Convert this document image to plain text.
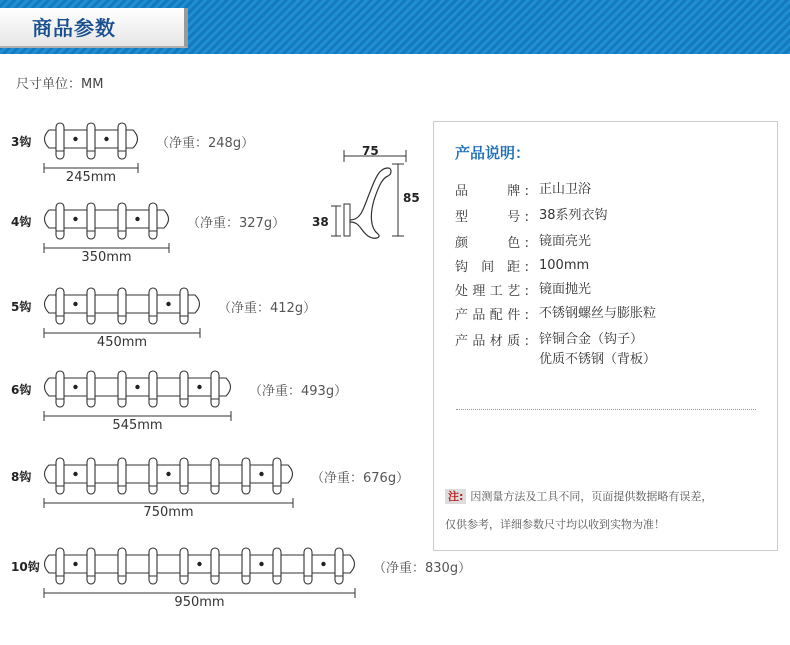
商品参数
尺寸单位：MM
3钩
245mm
（净重：248g）
4钩
350mm
（净重：327g）
5钩
450mm
（净重：412g）
6钩
545mm
（净重：493g）
8钩
750mm
（净重：676g）
10钩
950mm
（净重：830g）
75
85
38
产品说明：
品　　牌: 正山卫浴
型　　号: 38系列衣钩
颜　　色: 镜面亮光
钩 间 距: 100mm
处理工艺: 镜面抛光
产品配件: 不锈钢螺丝与膨胀粒
产品材质: 锌铜合金（钩子）
优质不锈钢（背板）
注: 因测量方法及工具不同，页面提供数据略有误差，
仅供参考，详细参数尺寸均以收到实物为准！
